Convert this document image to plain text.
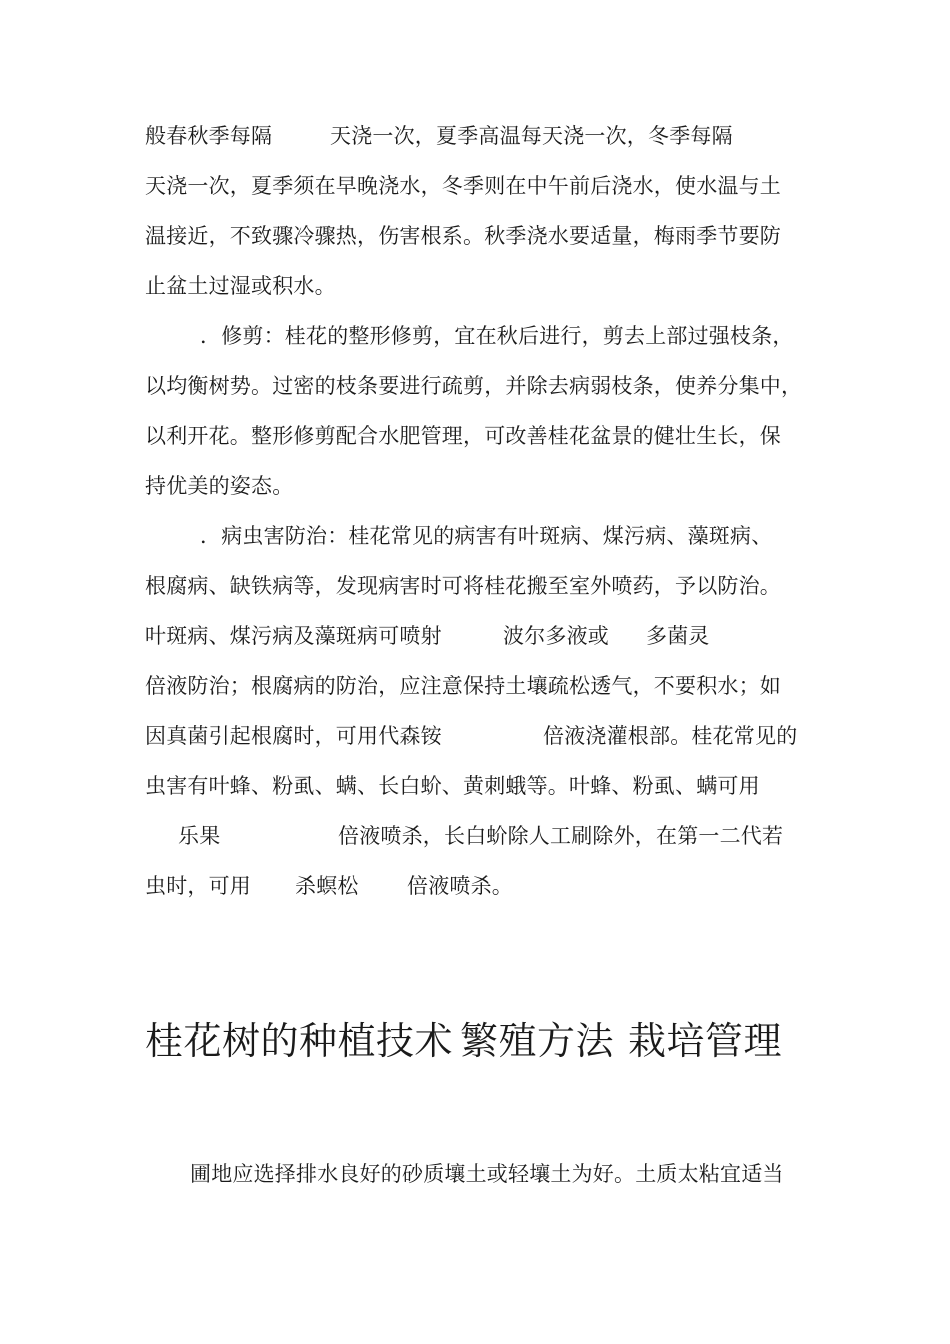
般春秋季每隔	天浇一次，夏季高温每天浇一次，冬季每隔
天浇一次，夏季须在早晚浇水，冬季则在中午前后浇水，使水温与土
温接近，不致骤冷骤热，伤害根系。秋季浇水要适量，梅雨季节要防
止盆土过湿或积水。
．修剪：桂花的整形修剪，宜在秋后进行，剪去上部过强枝条，
以均衡树势。过密的枝条要进行疏剪，并除去病弱枝条，使养分集中，
以利开花。整形修剪配合水肥管理，可改善桂花盆景的健壮生长，保
持优美的姿态。
．病虫害防治：桂花常见的病害有叶斑病、煤污病、藻斑病、
根腐病、缺铁病等，发现病害时可将桂花搬至室外喷药，予以防治。
叶斑病、煤污病及藻斑病可喷射	波尔多液或 多菌灵
倍液防治；根腐病的防治，应注意保持土壤疏松透气，不要积水；如
因真菌引起根腐时，可用代森铵	倍液浇灌根部。桂花常见的
虫害有叶蜂、粉虱、螨、长白蚧、黄刺蛾等。叶蜂、粉虱、螨可用
乐果	倍液喷杀，长白蚧除人工刷除外，在第一二代若
虫时，可用 杀螟松 倍液喷杀。
桂花树的种植技术 繁殖方法 栽培管理
圃地应选择排水良好的砂质壤土或轻壤土为好。土质太粘宜适当
